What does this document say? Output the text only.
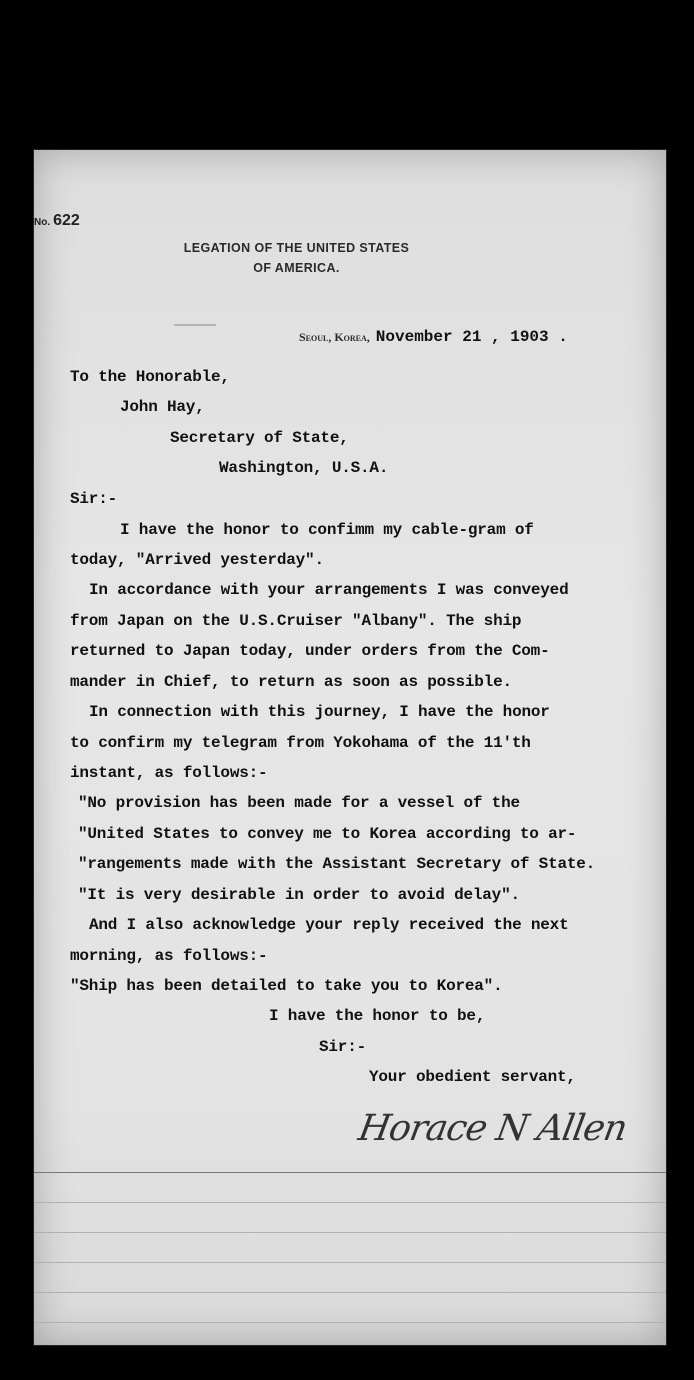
No. 622
LEGATION OF THE UNITED STATES
OF AMERICA.
Seoul, Korea, November 21 , 1903 .
To the Honorable,
John Hay,
Secretary of State,
Washington, U.S.A.
Sir:-
I have the honor to confimm my cable-gram of
today, "Arrived yesterday".
In accordance with your arrangements I was conveyed
from Japan on the U.S.Cruiser "Albany". The ship
returned to Japan today, under orders from the Com-
mander in Chief, to return as soon as possible.
In connection with this journey, I have the honor
to confirm my telegram from Yokohama of the 11'th
instant, as follows:-
"No provision has been made for a vessel of the
"United States to convey me to Korea according to ar-
"rangements made with the Assistant Secretary of State.
"It is very desirable in order to avoid delay".
And I also acknowledge your reply received the next
morning, as follows:-
"Ship has been detailed to take you to Korea".
I have the honor to be,
Sir:-
Your obedient servant,
Horace N Allen
